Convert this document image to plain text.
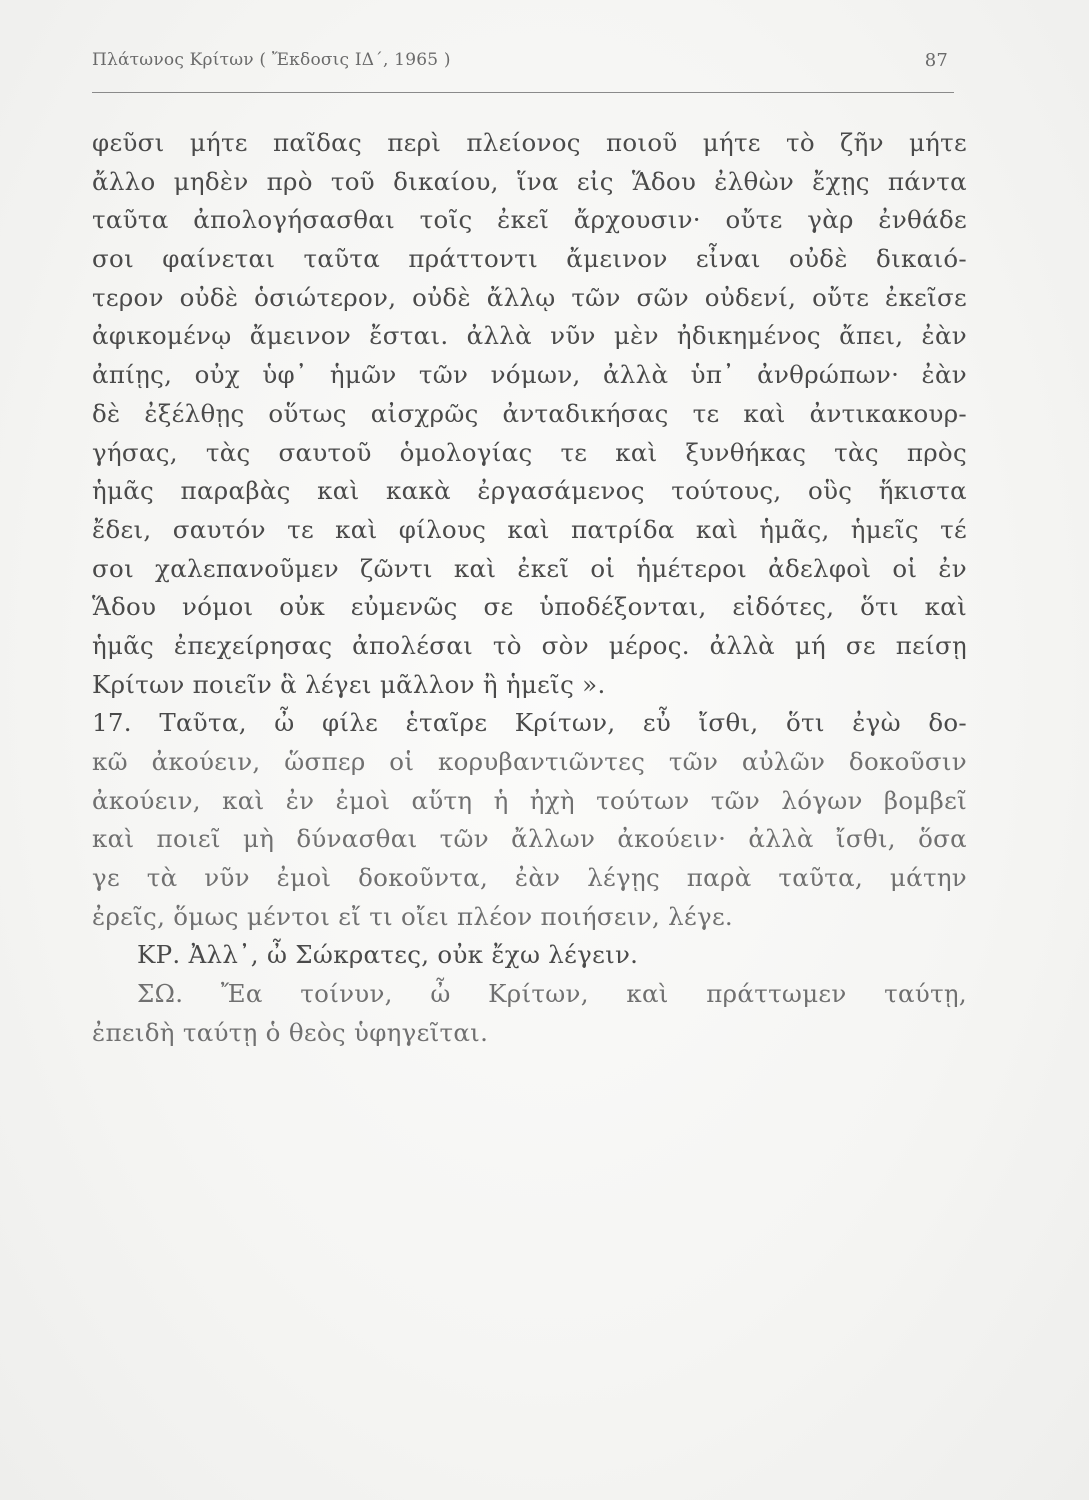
Πλάτωνος Κρίτων ( Ἔκδοσις ΙΔ΄, 1965 )	87
φεῦσι μήτε παῖδας περὶ πλείονος ποιοῦ μήτε τὸ ζῆν μήτε
ἄλλο μηδὲν πρὸ τοῦ δικαίου, ἵνα εἰς Ἅδου ἐλθὼν ἔχῃς πάντα
ταῦτα ἀπολογήσασθαι τοῖς ἐκεῖ ἄρχουσιν· οὔτε γὰρ ἐνθάδε
σοι φαίνεται ταῦτα πράττοντι ἄμεινον εἶναι οὐδὲ δικαιό-
τερον οὐδὲ ὁσιώτερον, οὐδὲ ἄλλῳ τῶν σῶν οὐδενί, οὔτε ἐκεῖσε
ἀφικομένῳ ἄμεινον ἔσται. ἀλλὰ νῦν μὲν ἠδικημένος ἄπει, ἐὰν
ἀπίῃς, οὐχ ὑφ᾽ ἡμῶν τῶν νόμων, ἀλλὰ ὑπ᾽ ἀνθρώπων· ἐὰν
δὲ ἐξέλθῃς οὕτως αἰσχρῶς ἀνταδικήσας τε καὶ ἀντικακουρ-
γήσας, τὰς σαυτοῦ ὁμολογίας τε καὶ ξυνθήκας τὰς πρὸς
ἡμᾶς παραβὰς καὶ κακὰ ἐργασάμενος τούτους, οὓς ἥκιστα
ἔδει, σαυτόν τε καὶ φίλους καὶ πατρίδα καὶ ἡμᾶς, ἡμεῖς τέ
σοι χαλεπανοῦμεν ζῶντι καὶ ἐκεῖ οἱ ἡμέτεροι ἀδελφοὶ οἱ ἐν
Ἅδου νόμοι οὐκ εὐμενῶς σε ὑποδέξονται, εἰδότες, ὅτι καὶ
ἡμᾶς ἐπεχείρησας ἀπολέσαι τὸ σὸν μέρος. ἀλλὰ μή σε πείσῃ
Κρίτων ποιεῖν ἃ λέγει μᾶλλον ἢ ἡμεῖς ».
17. Ταῦτα, ὦ φίλε ἑταῖρε Κρίτων, εὖ ἴσθι, ὅτι ἐγὼ δο-
κῶ ἀκούειν, ὥσπερ οἱ κορυβαντιῶντες τῶν αὐλῶν δοκοῦσιν
ἀκούειν, καὶ ἐν ἐμοὶ αὕτη ἡ ἠχὴ τούτων τῶν λόγων βομβεῖ
καὶ ποιεῖ μὴ δύνασθαι τῶν ἄλλων ἀκούειν· ἀλλὰ ἴσθι, ὅσα
γε τὰ νῦν ἐμοὶ δοκοῦντα, ἐὰν λέγῃς παρὰ ταῦτα, μάτην
ἐρεῖς, ὅμως μέντοι εἴ τι οἴει πλέον ποιήσειν, λέγε.
ΚΡ. Ἀλλ᾽, ὦ Σώκρατες, οὐκ ἔχω λέγειν.
ΣΩ. Ἔα τοίνυν, ὦ Κρίτων, καὶ πράττωμεν ταύτῃ,
ἐπειδὴ ταύτῃ ὁ θεὸς ὑφηγεῖται.
